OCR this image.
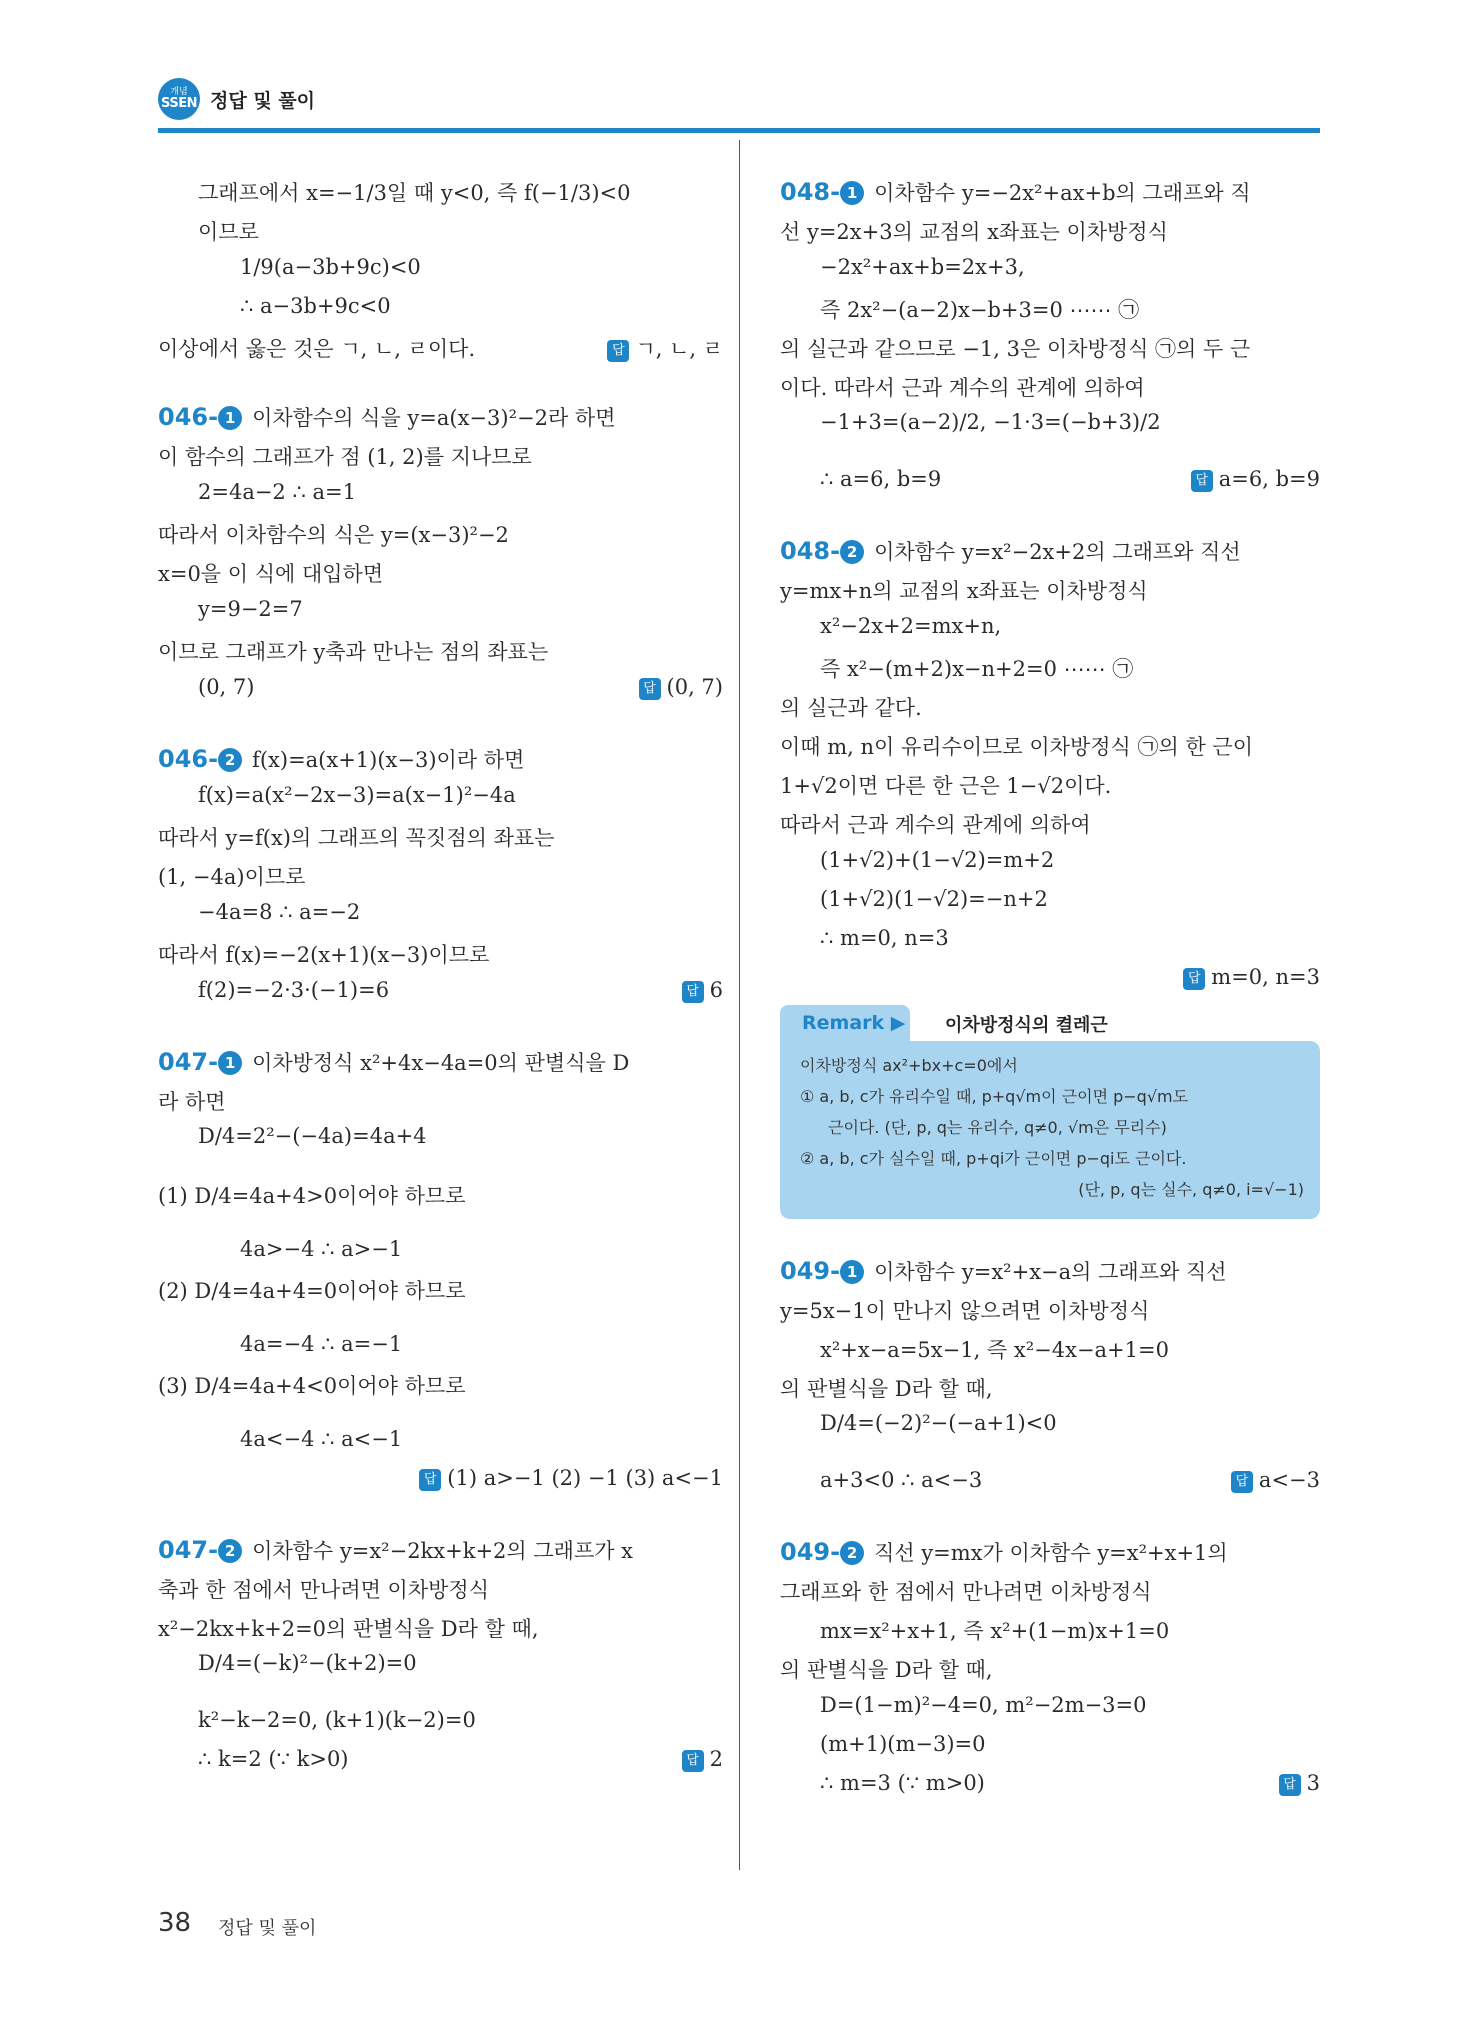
개념
SSEN 정답 및 풀이
그래프에서 x=−1/3일 때 y<0, 즉 f(−1/3)<0
이므로
1/9(a−3b+9c)<0
∴ a−3b+9c<0
이상에서 옳은 것은 ㄱ, ㄴ, ㄹ이다.	답 ㄱ, ㄴ, ㄹ
046- 1 이차함수의 식을 y=a(x−3)²−2라 하면
이 함수의 그래프가 점 (1, 2)를 지나므로
2=4a−2 ∴ a=1
따라서 이차함수의 식은 y=(x−3)²−2
x=0을 이 식에 대입하면
y=9−2=7
이므로 그래프가 y축과 만나는 점의 좌표는
(0, 7)	답 (0, 7)
046- 2 f(x)=a(x+1)(x−3)이라 하면
f(x)=a(x²−2x−3)=a(x−1)²−4a
따라서 y=f(x)의 그래프의 꼭짓점의 좌표는
(1, −4a)이므로
−4a=8 ∴ a=−2
따라서 f(x)=−2(x+1)(x−3)이므로
f(2)=−2·3·(−1)=6	답 6
047- 1 이차방정식 x²+4x−4a=0의 판별식을 D
라 하면
D/4=2²−(−4a)=4a+4
(1) D/4=4a+4>0이어야 하므로
4a>−4 ∴ a>−1
(2) D/4=4a+4=0이어야 하므로
4a=−4 ∴ a=−1
(3) D/4=4a+4<0이어야 하므로
4a<−4 ∴ a<−1
답 (1) a>−1 (2) −1 (3) a<−1
047- 2 이차함수 y=x²−2kx+k+2의 그래프가 x
축과 한 점에서 만나려면 이차방정식
x²−2kx+k+2=0의 판별식을 D라 할 때,
D/4=(−k)²−(k+2)=0
k²−k−2=0, (k+1)(k−2)=0
∴ k=2 (∵ k>0)	답 2
048- 1 이차함수 y=−2x²+ax+b의 그래프와 직
선 y=2x+3의 교점의 x좌표는 이차방정식
−2x²+ax+b=2x+3,
즉 2x²−(a−2)x−b+3=0 ⋯⋯ ㉠
의 실근과 같으므로 −1, 3은 이차방정식 ㉠의 두 근
이다. 따라서 근과 계수의 관계에 의하여
−1+3=(a−2)/2, −1·3=(−b+3)/2
∴ a=6, b=9	답 a=6, b=9
048- 2 이차함수 y=x²−2x+2의 그래프와 직선
y=mx+n의 교점의 x좌표는 이차방정식
x²−2x+2=mx+n,
즉 x²−(m+2)x−n+2=0 ⋯⋯ ㉠
의 실근과 같다.
이때 m, n이 유리수이므로 이차방정식 ㉠의 한 근이
1+√2이면 다른 한 근은 1−√2이다.
따라서 근과 계수의 관계에 의하여
(1+√2)+(1−√2)=m+2
(1+√2)(1−√2)=−n+2
∴ m=0, n=3
답 m=0, n=3
Remark ▶ 이차방정식의 켤레근
이차방정식 ax²+bx+c=0에서
① a, b, c가 유리수일 때, p+q√m이 근이면 p−q√m도
근이다. (단, p, q는 유리수, q≠0, √m은 무리수)
② a, b, c가 실수일 때, p+qi가 근이면 p−qi도 근이다.
(단, p, q는 실수, q≠0, i=√−1)
049- 1 이차함수 y=x²+x−a의 그래프와 직선
y=5x−1이 만나지 않으려면 이차방정식
x²+x−a=5x−1, 즉 x²−4x−a+1=0
의 판별식을 D라 할 때,
D/4=(−2)²−(−a+1)<0
a+3<0 ∴ a<−3	답 a<−3
049- 2 직선 y=mx가 이차함수 y=x²+x+1의
그래프와 한 점에서 만나려면 이차방정식
mx=x²+x+1, 즉 x²+(1−m)x+1=0
의 판별식을 D라 할 때,
D=(1−m)²−4=0, m²−2m−3=0
(m+1)(m−3)=0
∴ m=3 (∵ m>0)	답 3
38 정답 및 풀이
